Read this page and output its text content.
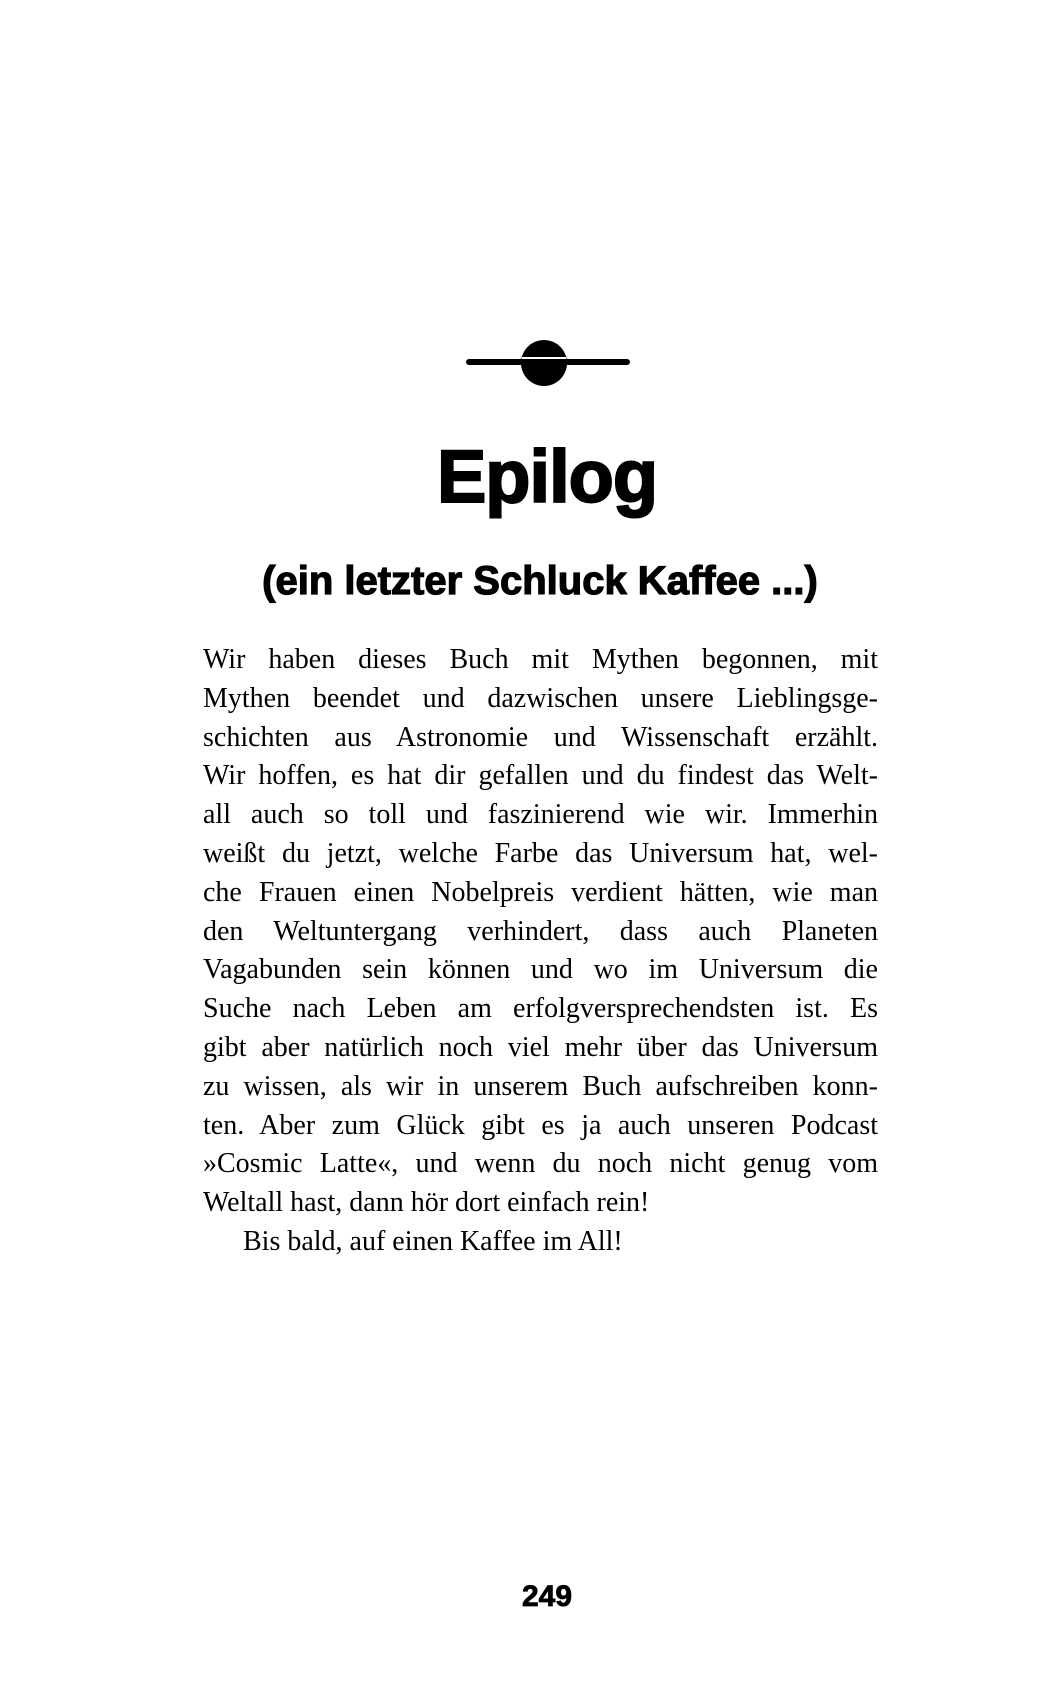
Epilog
(ein letzter Schluck Kaffee ...)
Wir haben dieses Buch mit Mythen begonnen, mit
Mythen beendet und dazwischen unsere Lieblingsge-
schichten aus Astronomie und Wissenschaft erzählt.
Wir hoffen, es hat dir gefallen und du findest das Welt-
all auch so toll und faszinierend wie wir. Immerhin
weißt du jetzt, welche Farbe das Universum hat, wel-
che Frauen einen Nobelpreis verdient hätten, wie man
den Weltuntergang verhindert, dass auch Planeten
Vagabunden sein können und wo im Universum die
Suche nach Leben am erfolgversprechendsten ist. Es
gibt aber natürlich noch viel mehr über das Universum
zu wissen, als wir in unserem Buch aufschreiben konn-
ten. Aber zum Glück gibt es ja auch unseren Podcast
»Cosmic Latte«, und wenn du noch nicht genug vom
Weltall hast, dann hör dort einfach rein!
Bis bald, auf einen Kaffee im All!
249
